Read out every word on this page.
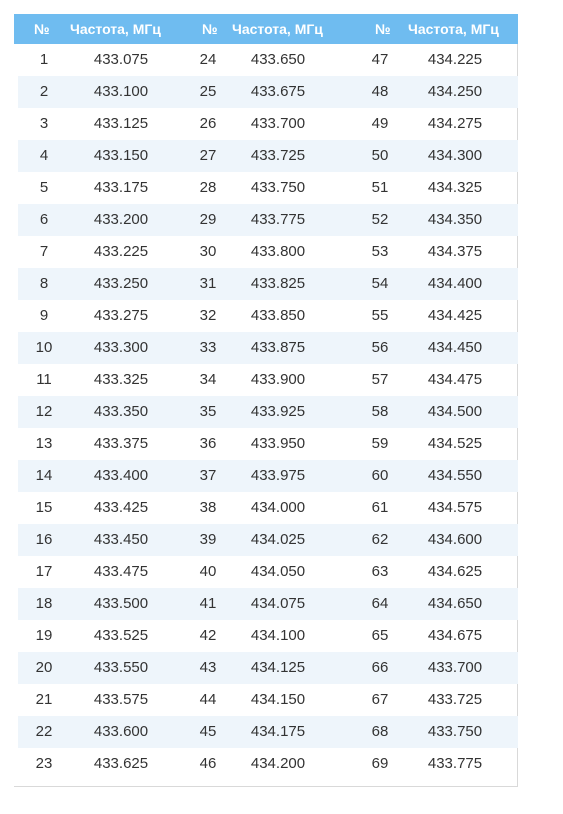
№ Частота, МГц	№ Частота, МГц	№ Частота, МГц
1	433.075	24	433.650	47	434.225
2	433.100	25	433.675	48	434.250
3	433.125	26	433.700	49	434.275
4	433.150	27	433.725	50	434.300
5	433.175	28	433.750	51	434.325
6	433.200	29	433.775	52	434.350
7	433.225	30	433.800	53	434.375
8	433.250	31	433.825	54	434.400
9	433.275	32	433.850	55	434.425
10	433.300	33	433.875	56	434.450
11	433.325	34	433.900	57	434.475
12	433.350	35	433.925	58	434.500
13	433.375	36	433.950	59	434.525
14	433.400	37	433.975	60	434.550
15	433.425	38	434.000	61	434.575
16	433.450	39	434.025	62	434.600
17	433.475	40	434.050	63	434.625
18	433.500	41	434.075	64	434.650
19	433.525	42	434.100	65	434.675
20	433.550	43	434.125	66	433.700
21	433.575	44	434.150	67	433.725
22	433.600	45	434.175	68	433.750
23	433.625	46	434.200	69	433.775
